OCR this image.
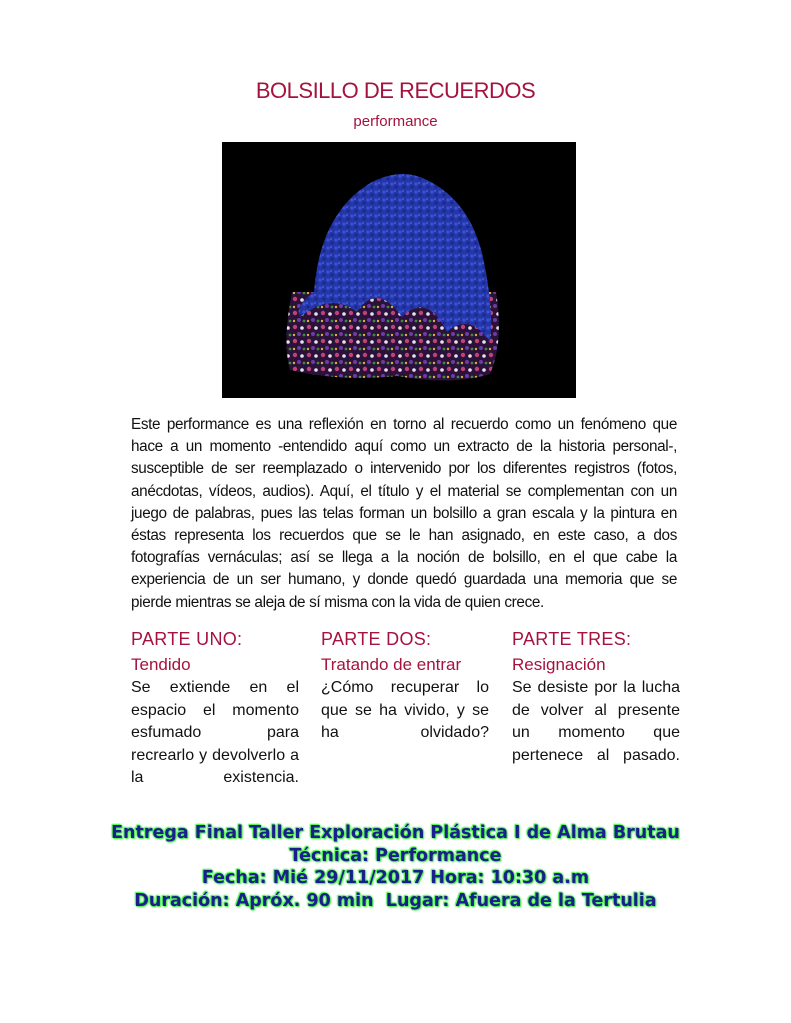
BOLSILLO DE RECUERDOS
performance
Este performance es una reflexión en torno al recuerdo como un fenómeno que hace a un momento -entendido aquí como un extracto de la historia personal-, susceptible de ser reemplazado o intervenido por los diferentes registros (fotos, anécdotas, vídeos, audios). Aquí, el título y el material se complementan con un juego de palabras, pues las telas forman un bolsillo a gran escala y la pintura en éstas representa los recuerdos que se le han asignado, en este caso, a dos fotografías vernáculas; así se llega a la noción de bolsillo, en el que cabe la experiencia de un ser humano, y donde quedó guardada una memoria que se pierde mientras se aleja de sí misma con la vida de quien crece.
PARTE UNO:
Tendido
Se extiende en el espacio el momento esfumado para recrearlo y devolverlo a la existencia.
PARTE DOS:
Tratando de entrar
¿Cómo recuperar lo que se ha vivido, y se ha olvidado?
PARTE TRES:
Resignación
Se desiste por la lucha de volver al presente un momento que pertenece al pasado.
Entrega Final Taller Exploración Plástica I de Alma Brutau
Técnica: Performance
Fecha: Mié 29/11/2017 Hora: 10:30 a.m
Duración: Apróx. 90 min  Lugar: Afuera de la Tertulia
